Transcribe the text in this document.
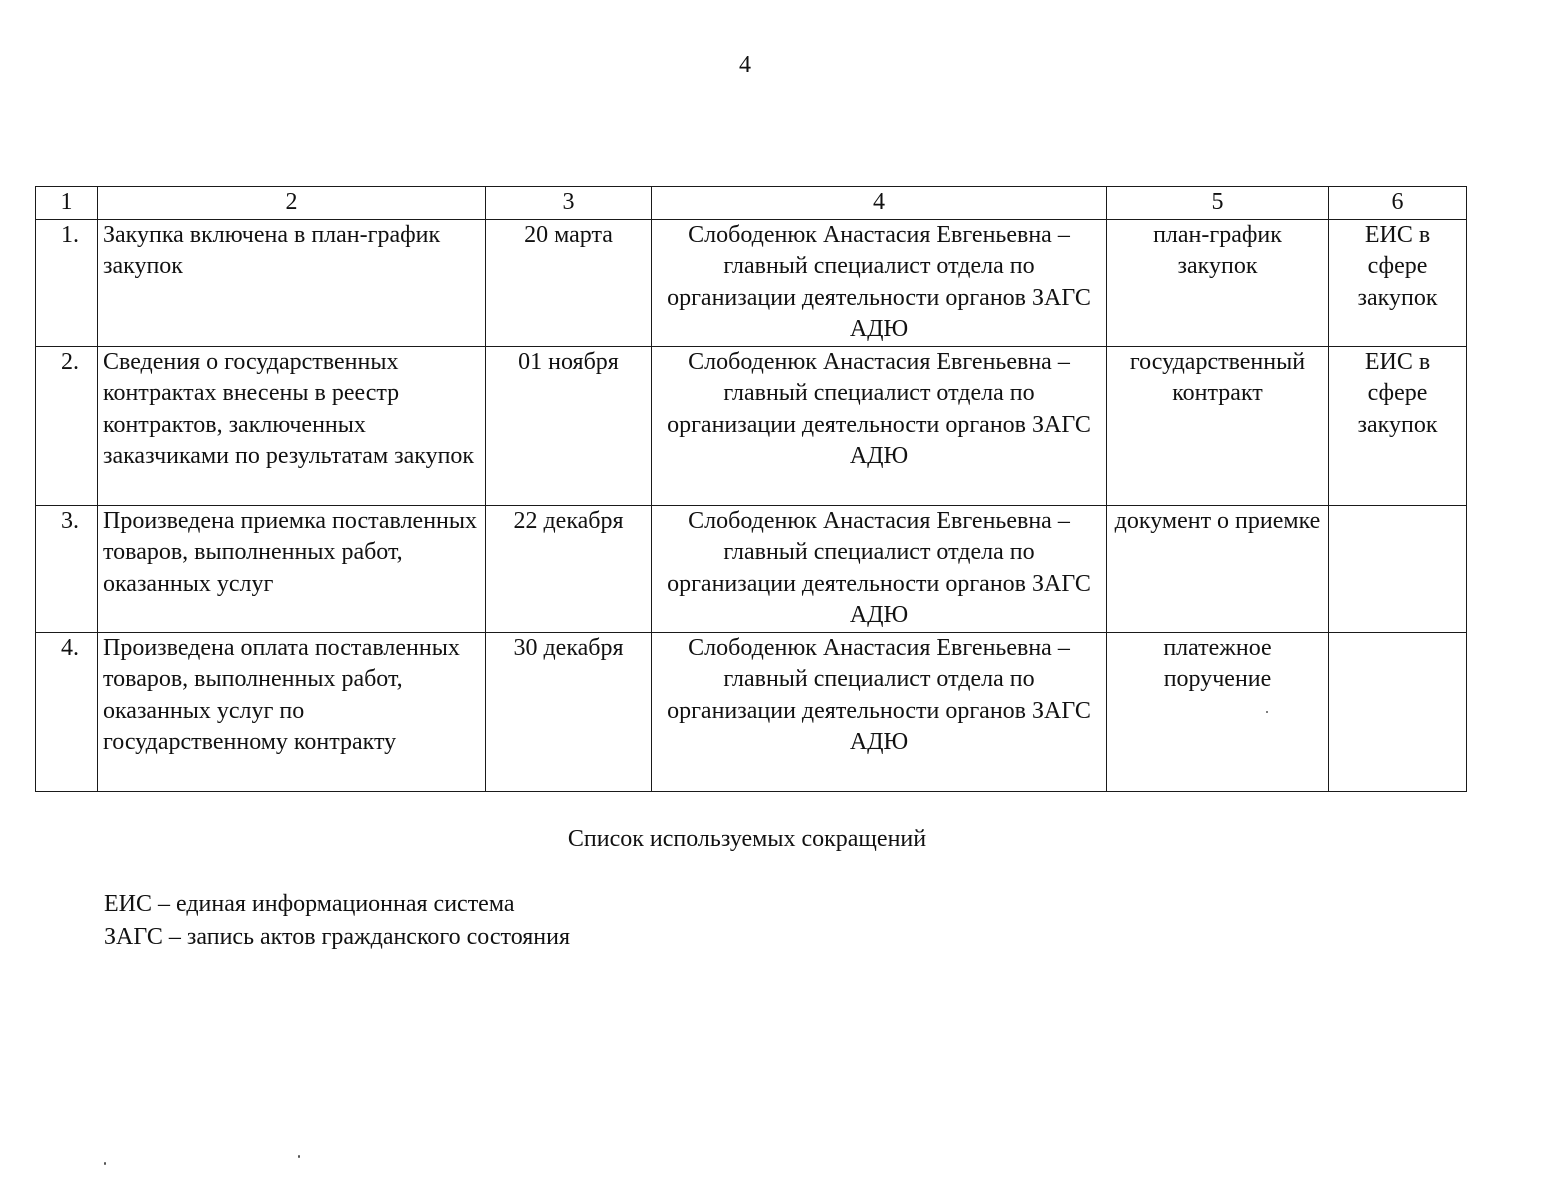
4
1	2	3	4	5	6
1.	Закупка включена в план-график закупок	20 марта	Слободенюк Анастасия Евгеньевна – главный специалист отдела по организации деятельности органов ЗАГС АДЮ	план-график закупок	ЕИС в сфере закупок
2.	Сведения о государственных контрактах внесены в реестр контрактов, заключенных заказчиками по результатам закупок	01 ноября	Слободенюк Анастасия Евгеньевна – главный специалист отдела по организации деятельности органов ЗАГС АДЮ	государственный контракт	ЕИС в сфере закупок
3.	Произведена приемка поставленных товаров, выполненных работ, оказанных услуг	22 декабря	Слободенюк Анастасия Евгеньевна – главный специалист отдела по организации деятельности органов ЗАГС АДЮ	документ о приемке	
4.	Произведена оплата поставленных товаров, выполненных работ, оказанных услуг по государственному контракту	30 декабря	Слободенюк Анастасия Евгеньевна – главный специалист отдела по организации деятельности органов ЗАГС АДЮ	платежное поручение	
Список используемых сокращений
ЕИС – единая информационная система
ЗАГС – запись актов гражданского состояния
